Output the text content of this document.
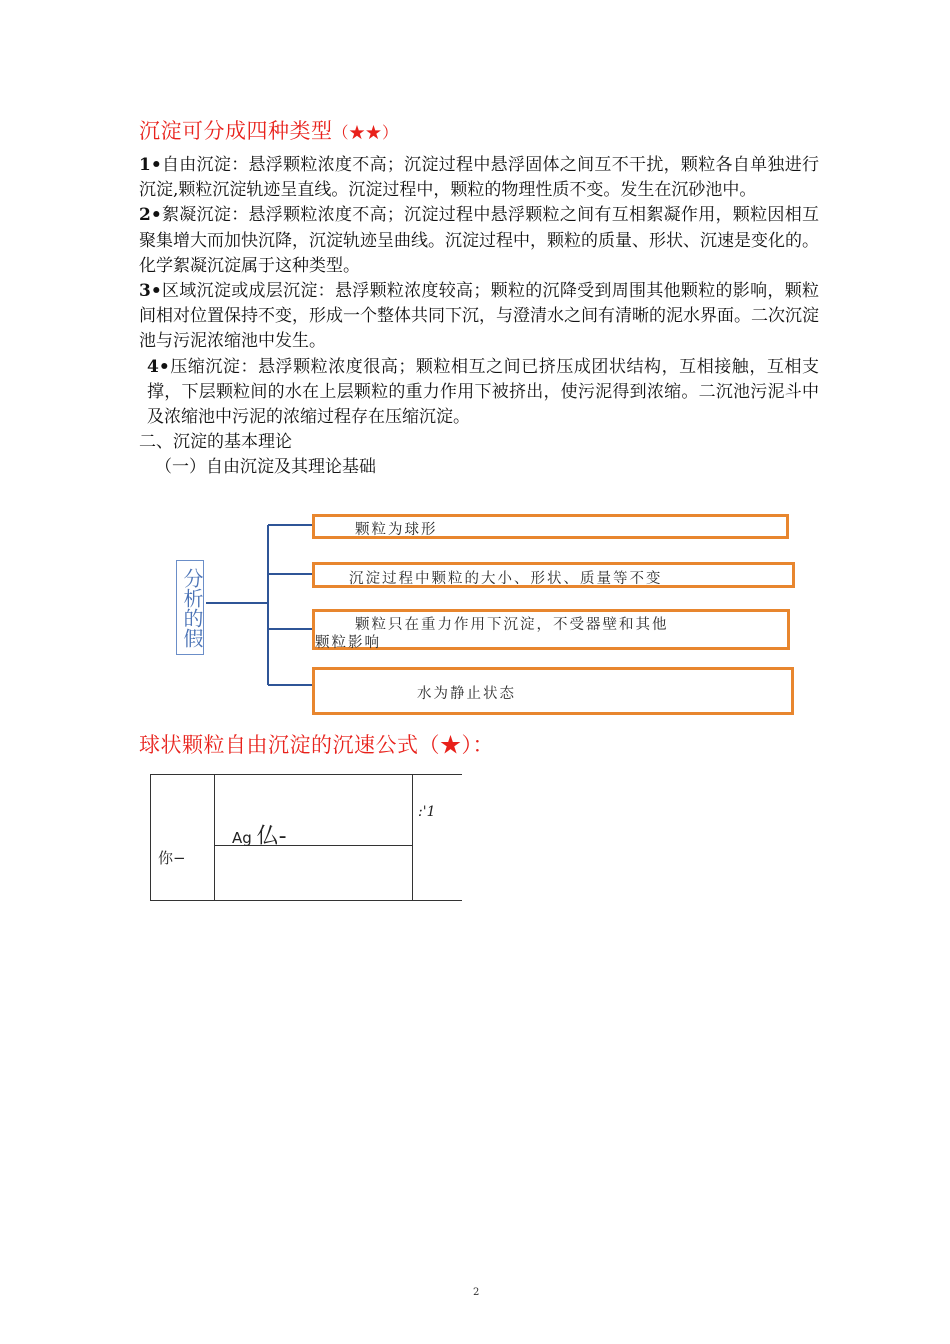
沉淀可分成四种类型（★★）

1•自由沉淀：悬浮颗粒浓度不高；沉淀过程中悬浮固体之间互不干扰，颗粒各自单独进行沉淀,颗粒沉淀轨迹呈直线。沉淀过程中，颗粒的物理性质不变。发生在沉砂池中。

2•絮凝沉淀：悬浮颗粒浓度不高；沉淀过程中悬浮颗粒之间有互相絮凝作用，颗粒因相互聚集增大而加快沉降，沉淀轨迹呈曲线。沉淀过程中，颗粒的质量、形状、沉速是变化的。化学絮凝沉淀属于这种类型。

3•区域沉淀或成层沉淀：悬浮颗粒浓度较高；颗粒的沉降受到周围其他颗粒的影响，颗粒间相对位置保持不变，形成一个整体共同下沉，与澄清水之间有清晰的泥水界面。二次沉淀池与污泥浓缩池中发生。

4•压缩沉淀：悬浮颗粒浓度很高；颗粒相互之间已挤压成团状结构，互相接触，互相支撑，下层颗粒间的水在上层颗粒的重力作用下被挤出，使污泥得到浓缩。二沉池污泥斗中及浓缩池中污泥的浓缩过程存在压缩沉淀。

二、沉淀的基本理论

（一）自由沉淀及其理论基础

分析的假
颗粒为球形
沉淀过程中颗粒的大小、形状、质量等不变
颗粒只在重力作用下沉淀，不受器壁和其他
颗粒影响
水为静止状态
球状颗粒自由沉淀的沉速公式（★）：
你−
Ag 仏-
:'1
2
